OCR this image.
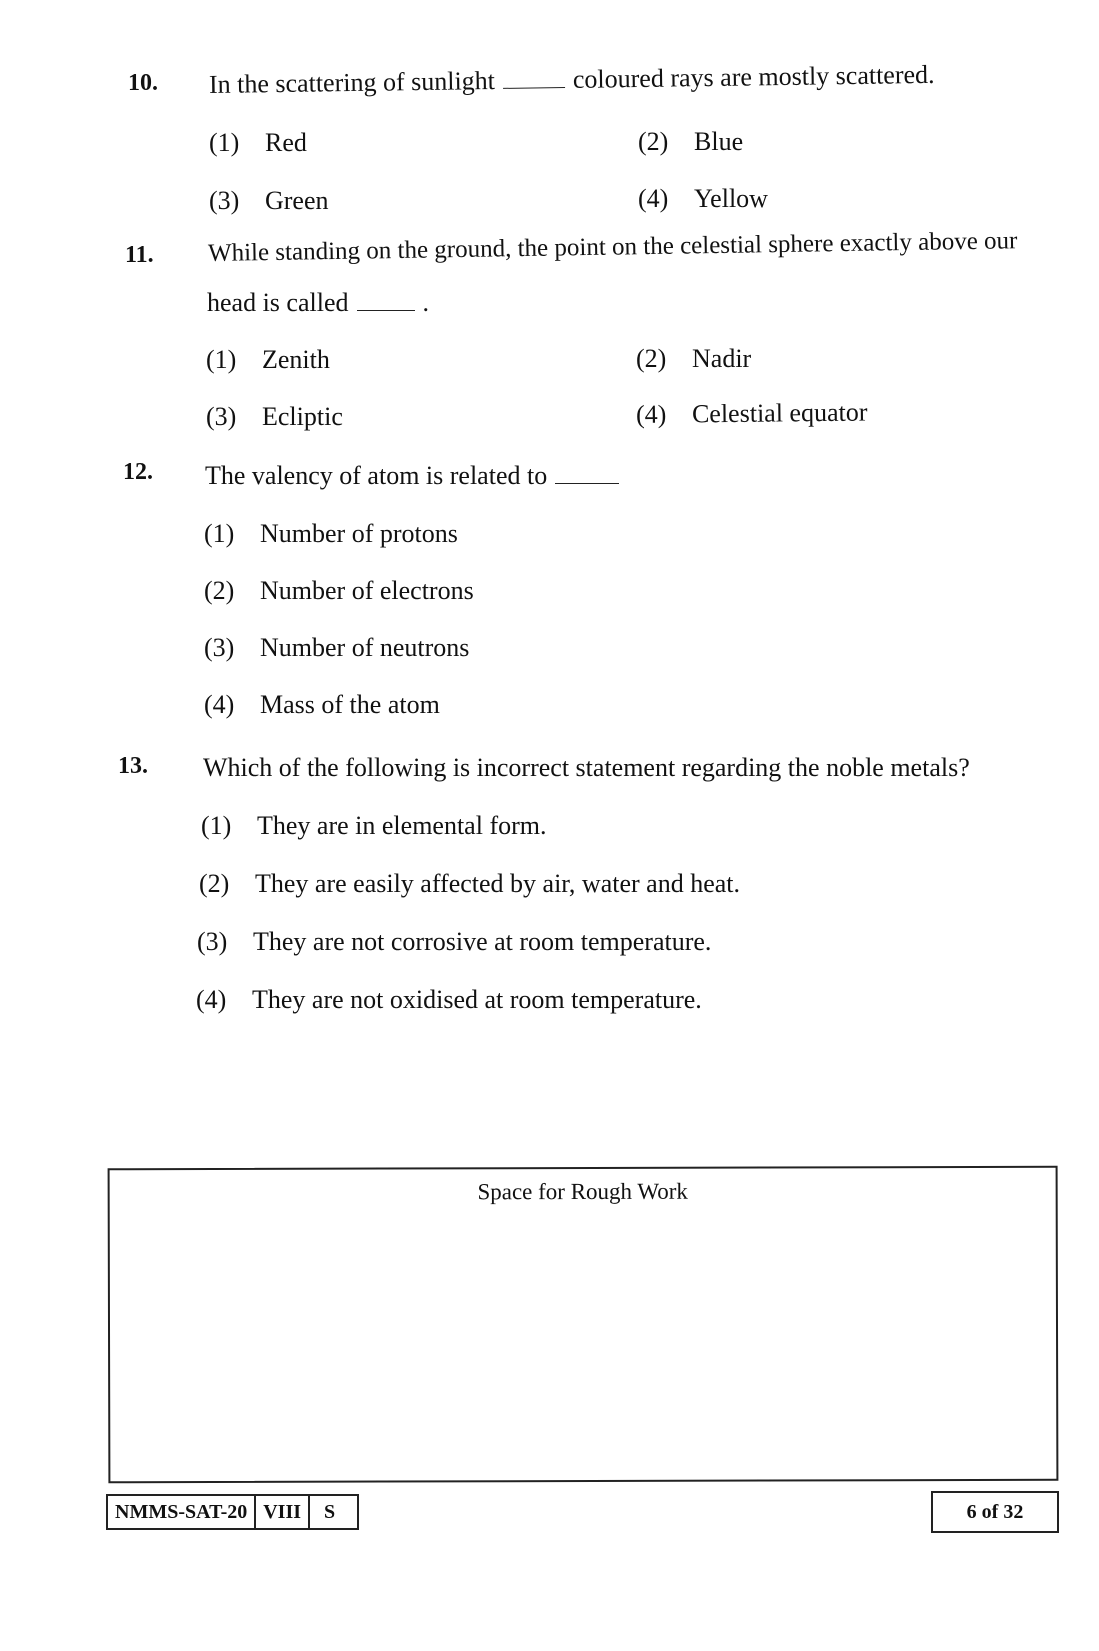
10. In the scattering of sunlight	coloured rays are mostly scattered.
(1) Red	(2) Blue
(3) Green	(4) Yellow
11. While standing on the ground, the point on the celestial sphere exactly above our
head is called	.
(1) Zenith	(2) Nadir
(3) Ecliptic	(4) Celestial equator
12. The valency of atom is related to
(1) Number of protons
(2) Number of electrons
(3) Number of neutrons
(4) Mass of the atom
13. Which of the following is incorrect statement regarding the noble metals?
(1) They are in elemental form.
(2) They are easily affected by air, water and heat.
(3) They are not corrosive at room temperature.
(4) They are not oxidised at room temperature.
Space for Rough Work
NMMS-SAT-20 VIII	S	6 of 32
